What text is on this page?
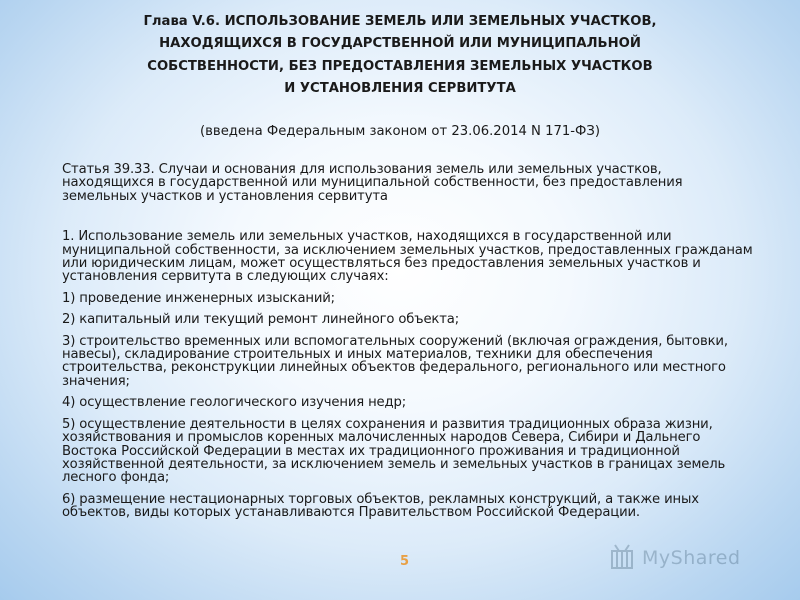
Глава V.6. ИСПОЛЬЗОВАНИЕ ЗЕМЕЛЬ ИЛИ ЗЕМЕЛЬНЫХ УЧАСТКОВ,
НАХОДЯЩИХСЯ В ГОСУДАРСТВЕННОЙ ИЛИ МУНИЦИПАЛЬНОЙ
СОБСТВЕННОСТИ, БЕЗ ПРЕДОСТАВЛЕНИЯ ЗЕМЕЛЬНЫХ УЧАСТКОВ
И УСТАНОВЛЕНИЯ СЕРВИТУТА
(введена Федеральным законом от 23.06.2014 N 171-ФЗ)

Статья 39.33. Случаи и основания для использования земель или земельных участков, находящихся в государственной или муниципальной собственности, без предоставления земельных участков и установления сервитута

1. Использование земель или земельных участков, находящихся в государственной или муниципальной собственности, за исключением земельных участков, предоставленных гражданам или юридическим лицам, может осуществляться без предоставления земельных участков и установления сервитута в следующих случаях:

1) проведение инженерных изысканий;

2) капитальный или текущий ремонт линейного объекта;

3) строительство временных или вспомогательных сооружений (включая ограждения, бытовки, навесы), складирование строительных и иных материалов, техники для обеспечения строительства, реконструкции линейных объектов федерального, регионального или местного значения;

4) осуществление геологического изучения недр;

5) осуществление деятельности в целях сохранения и развития традиционных образа жизни, хозяйствования и промыслов коренных малочисленных народов Севера, Сибири и Дальнего Востока Российской Федерации в местах их традиционного проживания и традиционной хозяйственной деятельности, за исключением земель и земельных участков в границах земель лесного фонда;

6) размещение нестационарных торговых объектов, рекламных конструкций, а также иных объектов, виды которых устанавливаются Правительством Российской Федерации.

5	MyShared
